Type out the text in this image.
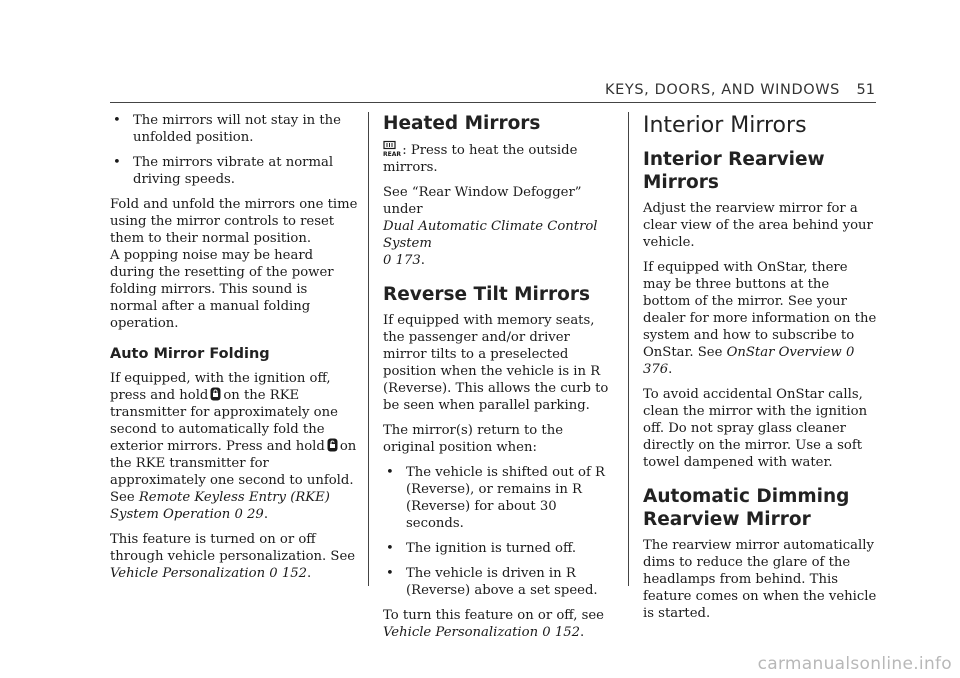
KEYS, DOORS, AND WINDOWS 51
• The mirrors will not stay in the unfolded position.
• The mirrors vibrate at normal driving speeds.

Fold and unfold the mirrors one time using the mirror controls to reset them to their normal position.

A popping noise may be heard during the resetting of the power folding mirrors. This sound is normal after a manual folding operation.

Auto Mirror Folding

If equipped, with the ignition off, press and hold on the RKE transmitter for approximately one second to automatically fold the exterior mirrors. Press and hold on the RKE transmitter for approximately one second to unfold. See Remote Keyless Entry (RKE) System Operation 0 29.

This feature is turned on or off through vehicle personalization. See Vehicle Personalization 0 152.

Heated Mirrors

REAR
: Press to heat the outside mirrors.

See “Rear Window Defogger” under
Dual Automatic Climate Control System
0 173.

Reverse Tilt Mirrors

If equipped with memory seats, the passenger and/or driver mirror tilts to a preselected position when the vehicle is in R (Reverse). This allows the curb to be seen when parallel parking.

The mirror(s) return to the original position when:

• The vehicle is shifted out of R (Reverse), or remains in R (Reverse) for about 30 seconds.
• The ignition is turned off.
• The vehicle is driven in R (Reverse) above a set speed.

To turn this feature on or off, see
Vehicle Personalization 0 152.

Interior Mirrors
Interior Rearview Mirrors

Adjust the rearview mirror for a clear view of the area behind your vehicle.

If equipped with OnStar, there may be three buttons at the bottom of the mirror. See your dealer for more information on the system and how to subscribe to OnStar. See OnStar Overview 0 376.

To avoid accidental OnStar calls, clean the mirror with the ignition off. Do not spray glass cleaner directly on the mirror. Use a soft towel dampened with water.

Automatic Dimming Rearview Mirror

The rearview mirror automatically dims to reduce the glare of the headlamps from behind. This feature comes on when the vehicle is started.

carmanualsonline.info
